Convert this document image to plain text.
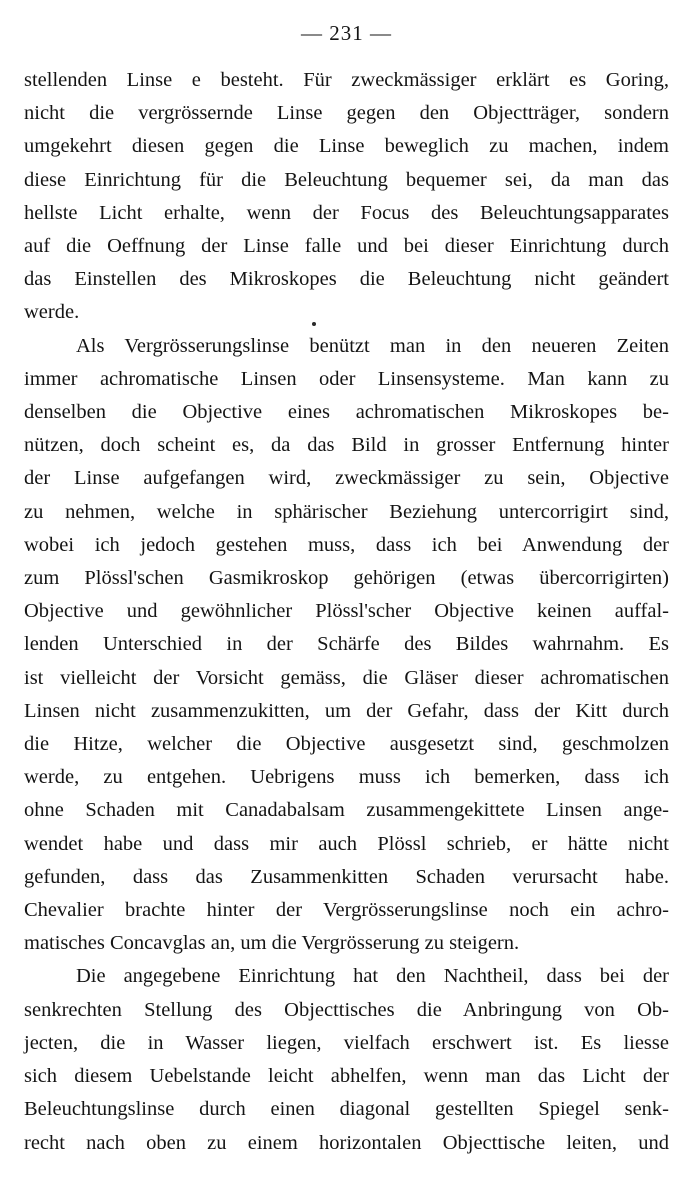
— 231 —
stellenden Linse e besteht. Für zweckmässiger erklärt es Goring,
nicht die vergrössernde Linse gegen den Objectträger, sondern
umgekehrt diesen gegen die Linse beweglich zu machen, indem
diese Einrichtung für die Beleuchtung bequemer sei, da man das
hellste Licht erhalte, wenn der Focus des Beleuchtungsapparates
auf die Oeffnung der Linse falle und bei dieser Einrichtung durch
das Einstellen des Mikroskopes die Beleuchtung nicht geändert
werde.
Als Vergrösserungslinse benützt man in den neueren Zeiten
immer achromatische Linsen oder Linsensysteme. Man kann zu
denselben die Objective eines achromatischen Mikroskopes be-
nützen, doch scheint es, da das Bild in grosser Entfernung hinter
der Linse aufgefangen wird, zweckmässiger zu sein, Objective
zu nehmen, welche in sphärischer Beziehung untercorrigirt sind,
wobei ich jedoch gestehen muss, dass ich bei Anwendung der
zum Plössl'schen Gasmikroskop gehörigen (etwas übercorrigirten)
Objective und gewöhnlicher Plössl'scher Objective keinen auffal-
lenden Unterschied in der Schärfe des Bildes wahrnahm. Es
ist vielleicht der Vorsicht gemäss, die Gläser dieser achromatischen
Linsen nicht zusammenzukitten, um der Gefahr, dass der Kitt durch
die Hitze, welcher die Objective ausgesetzt sind, geschmolzen
werde, zu entgehen. Uebrigens muss ich bemerken, dass ich
ohne Schaden mit Canadabalsam zusammengekittete Linsen ange-
wendet habe und dass mir auch Plössl schrieb, er hätte nicht
gefunden, dass das Zusammenkitten Schaden verursacht habe.
Chevalier brachte hinter der Vergrösserungslinse noch ein achro-
matisches Concavglas an, um die Vergrösserung zu steigern.
Die angegebene Einrichtung hat den Nachtheil, dass bei der
senkrechten Stellung des Objecttisches die Anbringung von Ob-
jecten, die in Wasser liegen, vielfach erschwert ist. Es liesse
sich diesem Uebelstande leicht abhelfen, wenn man das Licht der
Beleuchtungslinse durch einen diagonal gestellten Spiegel senk-
recht nach oben zu einem horizontalen Objecttische leiten, und
